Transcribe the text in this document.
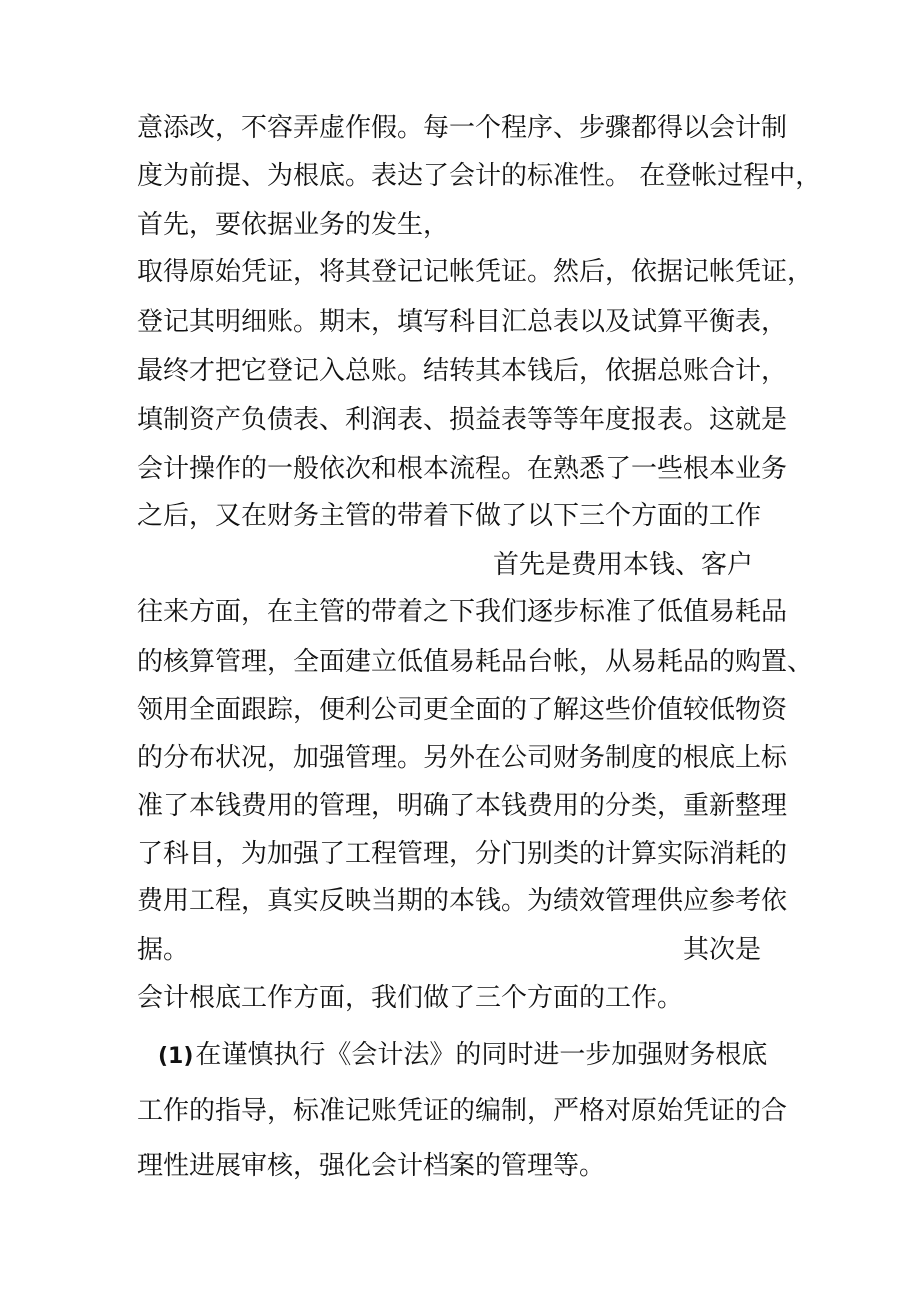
意添改，不容弄虚作假。每一个程序、步骤都得以会计制
度为前提、为根底。表达了会计的标准性。 在登帐过程中，
首先，要依据业务的发生，
取得原始凭证，将其登记记帐凭证。然后，依据记帐凭证，
登记其明细账。期末，填写科目汇总表以及试算平衡表，
最终才把它登记入总账。结转其本钱后，依据总账合计，
填制资产负债表、利润表、损益表等等年度报表。这就是
会计操作的一般依次和根本流程。在熟悉了一些根本业务
之后，又在财务主管的带着下做了以下三个方面的工作
首先是费用本钱、客户
往来方面，在主管的带着之下我们逐步标准了低值易耗品
的核算管理，全面建立低值易耗品台帐，从易耗品的购置、
领用全面跟踪，便利公司更全面的了解这些价值较低物资
的分布状况，加强管理。另外在公司财务制度的根底上标
准了本钱费用的管理，明确了本钱费用的分类，重新整理
了科目，为加强了工程管理，分门别类的计算实际消耗的
费用工程，真实反映当期的本钱。为绩效管理供应参考依
据。	其次是
会计根底工作方面，我们做了三个方面的工作。
(1)在谨慎执行《会计法》的同时进一步加强财务根底
工作的指导，标准记账凭证的编制，严格对原始凭证的合
理性进展审核，强化会计档案的管理等。
